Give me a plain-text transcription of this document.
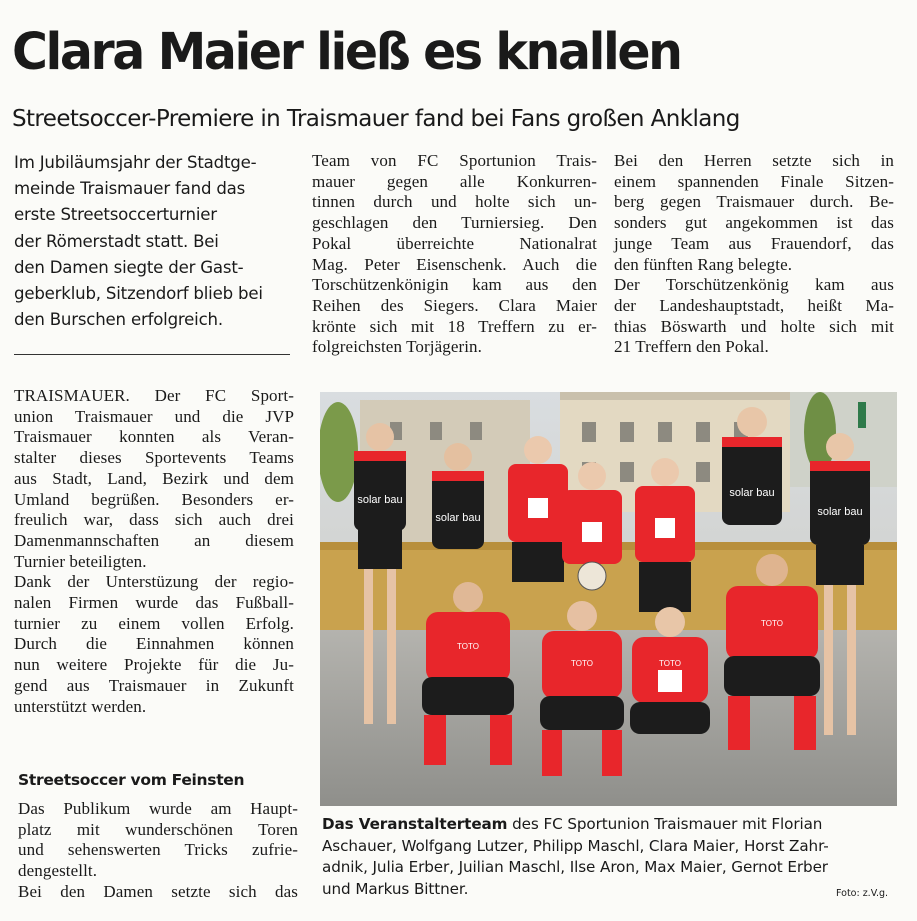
Clara Maier ließ es knallen
Streetsoccer-Premiere in Traismauer fand bei Fans großen Anklang
Im Jubiläumsjahr der Stadtge-
meinde Traismauer fand das
erste Streetsoccerturnier
der Römerstadt statt. Bei
den Damen siegte der Gast-
geberklub, Sitzendorf blieb bei
den Burschen erfolgreich.
TRAISMAUER. Der FC Sport-
union Traismauer und die JVP
Traismauer konnten als Veran-
stalter dieses Sportevents Teams
aus Stadt, Land, Bezirk und dem
Umland begrüßen. Besonders er-
freulich war, dass sich auch drei
Damenmannschaften an diesem
Turnier beteiligten.
Dank der Unterstüzung der regio-
nalen Firmen wurde das Fußball-
turnier zu einem vollen Erfolg.
Durch die Einnahmen können
nun weitere Projekte für die Ju-
gend aus Traismauer in Zukunft
unterstützt werden.
Streetsoccer vom Feinsten
Das Publikum wurde am Haupt-
platz mit wunderschönen Toren
und sehenswerten Tricks zufrie-
dengestellt.
Bei den Damen setzte sich das
Team von FC Sportunion Trais-
mauer gegen alle Konkurren-
tinnen durch und holte sich un-
geschlagen den Turniersieg. Den
Pokal überreichte Nationalrat
Mag. Peter Eisenschenk. Auch die
Torschützenkönigin kam aus den
Reihen des Siegers. Clara Maier
krönte sich mit 18 Treffern zu er-
folgreichsten Torjägerin.
Bei den Herren setzte sich in
einem spannenden Finale Sitzen-
berg gegen Traismauer durch. Be-
sonders gut angekommen ist das
junge Team aus Frauendorf, das
den fünften Rang belegte.
Der Torschützenkönig kam aus
der Landeshauptstadt, heißt Ma-
thias Böswarth und holte sich mit
21 Treffern den Pokal.
solar bau
solar bau
solar bau
solar bau
TOTO
TOTO	TOTO
TOTO
Das Veranstalterteam des FC Sportunion Traismauer mit Florian
Aschauer, Wolfgang Lutzer, Philipp Maschl, Clara Maier, Horst Zahr-
adnik, Julia Erber, Juilian Maschl, Ilse Aron, Max Maier, Gernot Erber
und Markus Bittner.	Foto: z.V.g.
